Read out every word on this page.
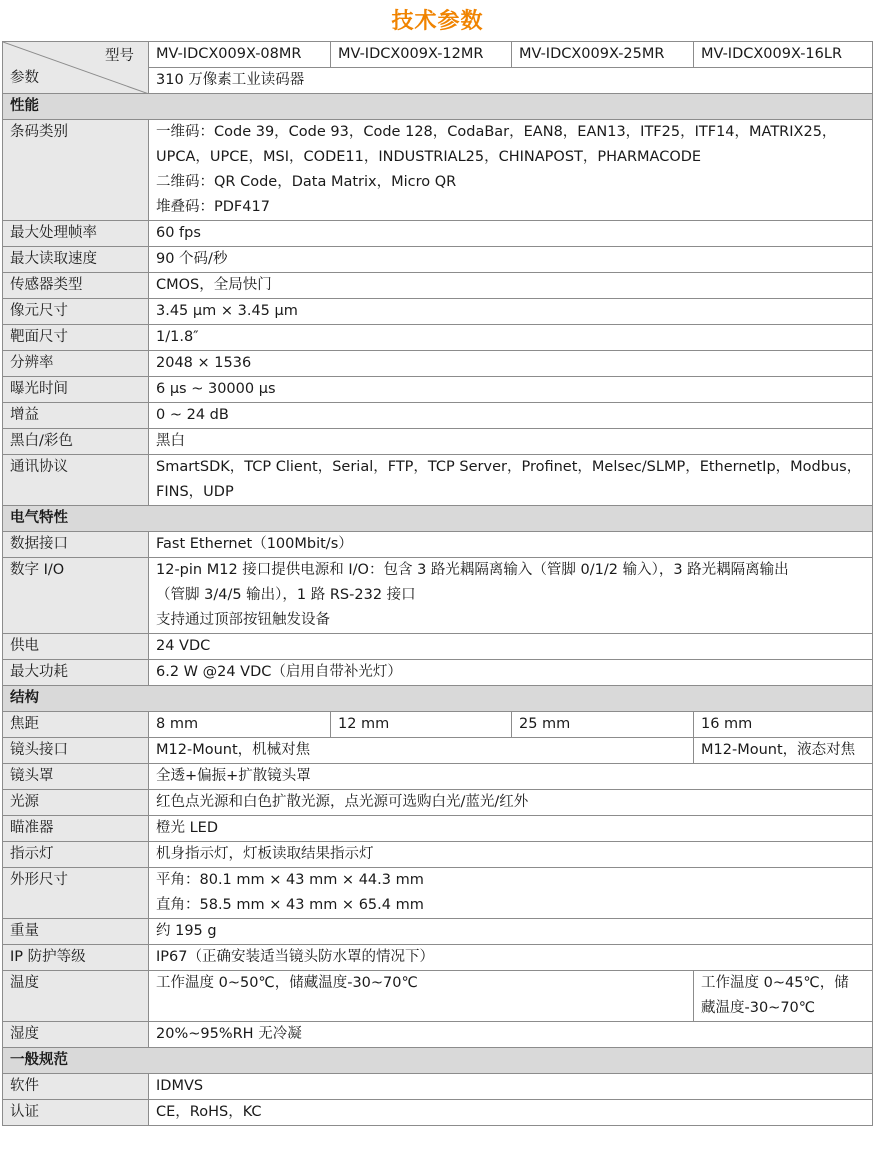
技术参数
型号
参数	MV-IDCX009X-08MR	MV-IDCX009X-12MR	MV-IDCX009X-25MR	MV-IDCX009X-16LR
	310 万像素工业读码器			
性能				
条码类别	一维码：Code 39，Code 93，Code 128，CodaBar，EAN8，EAN13，ITF25，ITF14，MATRIX25，
UPCA，UPCE，MSI，CODE11，INDUSTRIAL25，CHINAPOST，PHARMACODE
二维码：QR Code，Data Matrix，Micro QR
堆叠码：PDF417			

最大处理帧率	60 fps			
最大读取速度	90 个码/秒			
传感器类型	CMOS，全局快门			
像元尺寸	3.45 μm × 3.45 μm			
靶面尺寸	1/1.8″			
分辨率	2048 × 1536			
曝光时间	6 μs ~ 30000 μs			
增益	0 ~ 24 dB			
黑白/彩色	黑白			
通讯协议	SmartSDK，TCP Client，Serial，FTP，TCP Server，Profinet，Melsec/SLMP，EthernetIp，Modbus，
FINS，UDP			

电气特性				
数据接口	Fast Ethernet（100Mbit/s）			
数字 I/O	12-pin M12 接口提供电源和 I/O：包含 3 路光耦隔离输入（管脚 0/1/2 输入），3 路光耦隔离输出
（管脚 3/4/5 输出），1 路 RS-232 接口
支持通过顶部按钮触发设备			

供电	24 VDC			
最大功耗	6.2 W @24 VDC（启用自带补光灯）			
结构				
焦距	8 mm	12 mm	25 mm	16 mm
镜头接口	M12-Mount，机械对焦			M12-Mount，液态对焦
镜头罩	全透+偏振+扩散镜头罩			
光源	红色点光源和白色扩散光源，点光源可选购白光/蓝光/红外			
瞄准器	橙光 LED			
指示灯	机身指示灯，灯板读取结果指示灯			
外形尺寸	平角：80.1 mm × 43 mm × 44.3 mm
直角：58.5 mm × 43 mm × 65.4 mm			

重量	约 195 g			
IP 防护等级	IP67（正确安装适当镜头防水罩的情况下）			
温度	工作温度 0~50℃，储藏温度-30~70℃			工作温度 0~45℃，储
藏温度-30~70℃

湿度	20%~95%RH 无冷凝			
一般规范				
软件	IDMVS			
认证	CE，RoHS，KC			
